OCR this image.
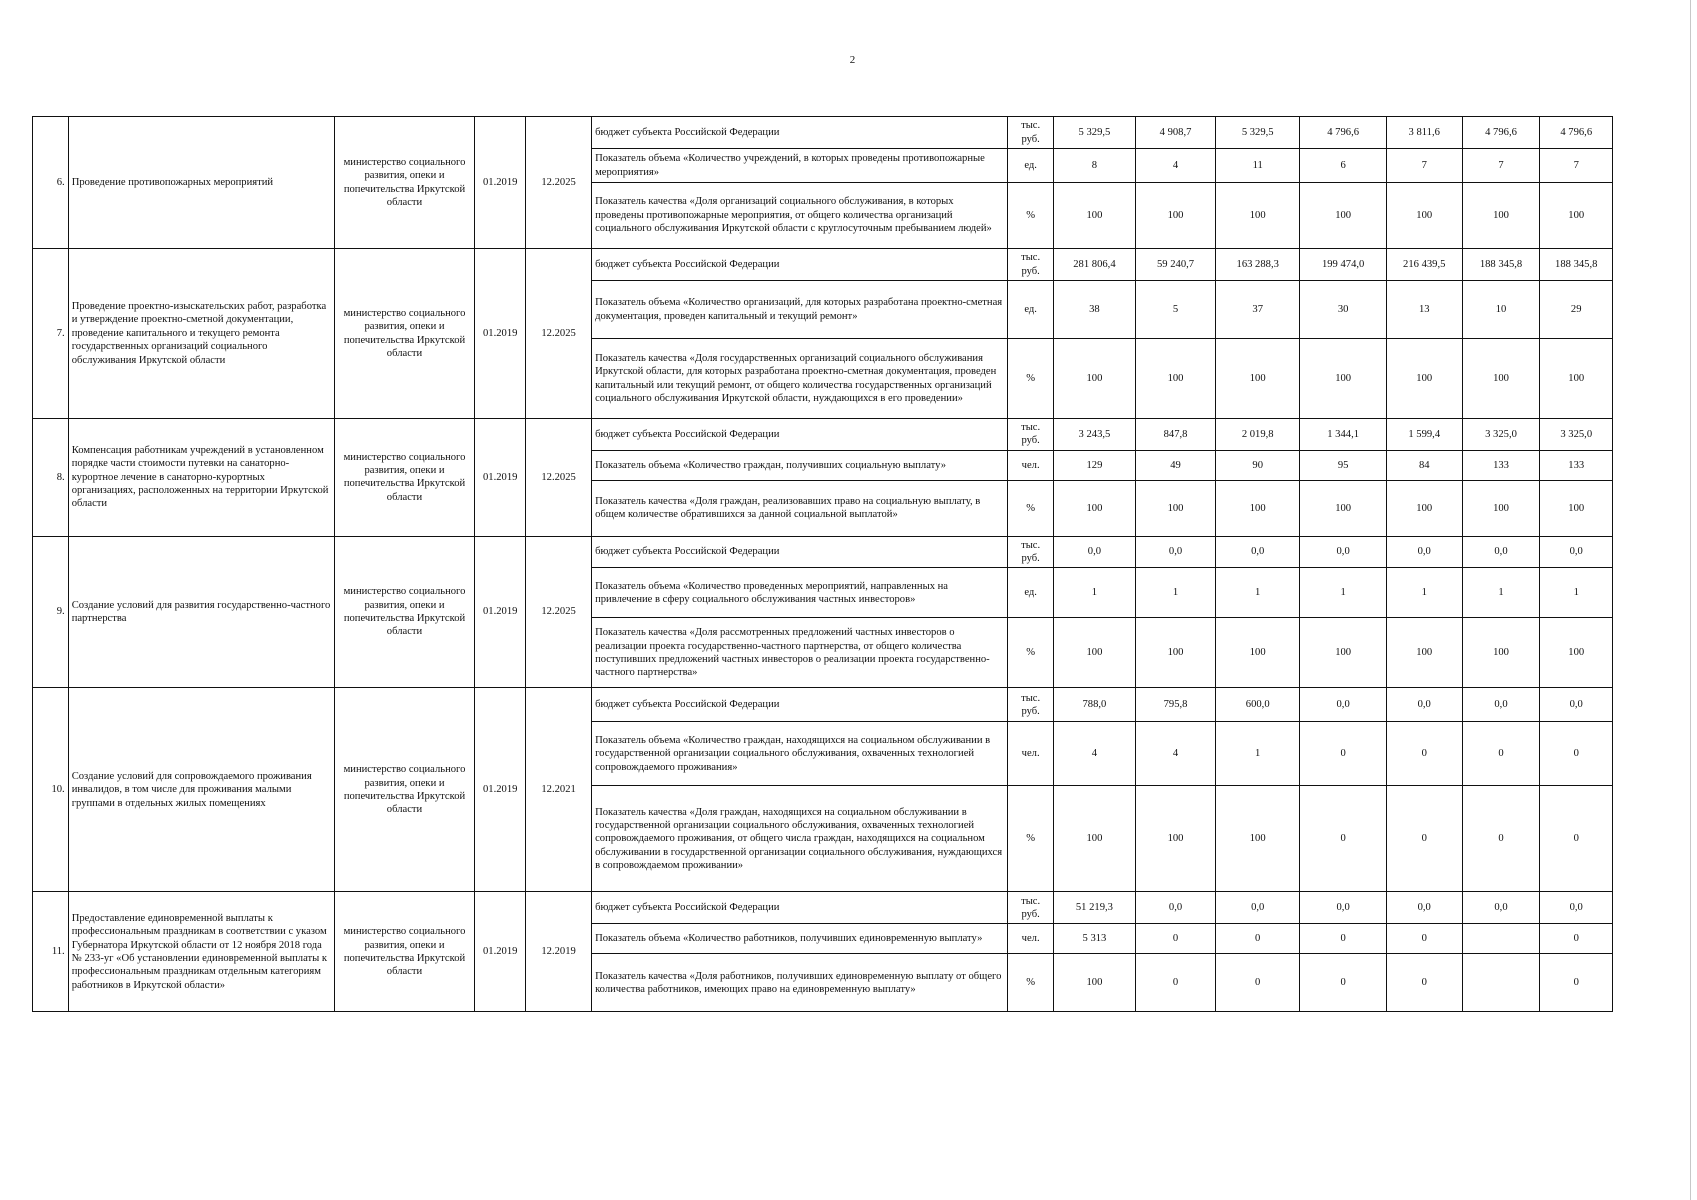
2
6.	Проведение противопожарных мероприятий	министерство социального развития, опеки и попечительства Иркутской области	01.2019	12.2025	бюджет субъекта Российской Федерации	тыс. руб.	5 329,5	4 908,7	5 329,5	4 796,6	3 811,6	4 796,6	4 796,6
					Показатель объема «Количество учреждений, в которых проведены противопожарные мероприятия»	ед.	8	4	11	6	7	7	7
					Показатель качества «Доля организаций социального обслуживания, в которых проведены противопожарные мероприятия, от общего количества организаций социального обслуживания Иркутской области с круглосуточным пребыванием людей»	%	100	100	100	100	100	100	100
7.	Проведение проектно-изыскательских работ, разработка и утверждение проектно-сметной документации, проведение капитального и текущего ремонта государственных организаций социального обслуживания Иркутской области	министерство социального развития, опеки и попечительства Иркутской области	01.2019	12.2025	бюджет субъекта Российской Федерации	тыс. руб.	281 806,4	59 240,7	163 288,3	199 474,0	216 439,5	188 345,8	188 345,8
					Показатель объема «Количество организаций, для которых разработана проектно-сметная документация, проведен капитальный и текущий ремонт»	ед.	38	5	37	30	13	10	29
					Показатель качества «Доля государственных организаций социального обслуживания Иркутской области, для которых разработана проектно-сметная документация, проведен капитальный или текущий ремонт, от общего количества государственных организаций социального обслуживания Иркутской области, нуждающихся в его проведении»	%	100	100	100	100	100	100	100
8.	Компенсация работникам учреждений в установленном порядке части стоимости путевки на санаторно-курортное лечение в санаторно-курортных организациях, расположенных на территории Иркутской области	министерство социального развития, опеки и попечительства Иркутской области	01.2019	12.2025	бюджет субъекта Российской Федерации	тыс. руб.	3 243,5	847,8	2 019,8	1 344,1	1 599,4	3 325,0	3 325,0
					Показатель объема «Количество граждан, получивших социальную выплату»	чел.	129	49	90	95	84	133	133
					Показатель качества «Доля граждан, реализовавших право на социальную выплату, в общем количестве обратившихся за данной социальной выплатой»	%	100	100	100	100	100	100	100
9.	Создание условий для развития государственно-частного партнерства	министерство социального развития, опеки и попечительства Иркутской области	01.2019	12.2025	бюджет субъекта Российской Федерации	тыс. руб.	0,0	0,0	0,0	0,0	0,0	0,0	0,0
					Показатель объема «Количество проведенных мероприятий, направленных на привлечение в сферу социального обслуживания частных инвесторов»	ед.	1	1	1	1	1	1	1
					Показатель качества «Доля рассмотренных предложений частных инвесторов о реализации проекта государственно-частного партнерства, от общего количества поступивших предложений частных инвесторов о реализации проекта государственно-частного партнерства»	%	100	100	100	100	100	100	100
10.	Создание условий для сопровождаемого проживания инвалидов, в том числе для проживания малыми группами в отдельных жилых помещениях	министерство социального развития, опеки и попечительства Иркутской области	01.2019	12.2021	бюджет субъекта Российской Федерации	тыс. руб.	788,0	795,8	600,0	0,0	0,0	0,0	0,0
					Показатель объема «Количество граждан, находящихся на социальном обслуживании в государственной организации социального обслуживания, охваченных технологией сопровождаемого проживания»	чел.	4	4	1	0	0	0	0
					Показатель качества «Доля граждан, находящихся на социальном обслуживании в государственной организации социального обслуживания, охваченных технологией сопровождаемого проживания, от общего числа граждан, находящихся на социальном обслуживании в государственной организации социального обслуживания, нуждающихся в сопровождаемом проживании»	%	100	100	100	0	0	0	0
11.	Предоставление единовременной выплаты к профессиональным праздникам в соответствии с указом Губернатора Иркутской области от 12 ноября 2018 года № 233-уг «Об установлении единовременной выплаты к профессиональным праздникам отдельным категориям работников в Иркутской области»	министерство социального развития, опеки и попечительства Иркутской области	01.2019	12.2019	бюджет субъекта Российской Федерации	тыс. руб.	51 219,3	0,0	0,0	0,0	0,0	0,0	0,0
					Показатель объема «Количество работников, получивших единовременную выплату»	чел.	5 313	0	0	0	0		0
					Показатель качества «Доля работников, получивших единовременную выплату от общего количества работников, имеющих право на единовременную выплату»	%	100	0	0	0	0		0
